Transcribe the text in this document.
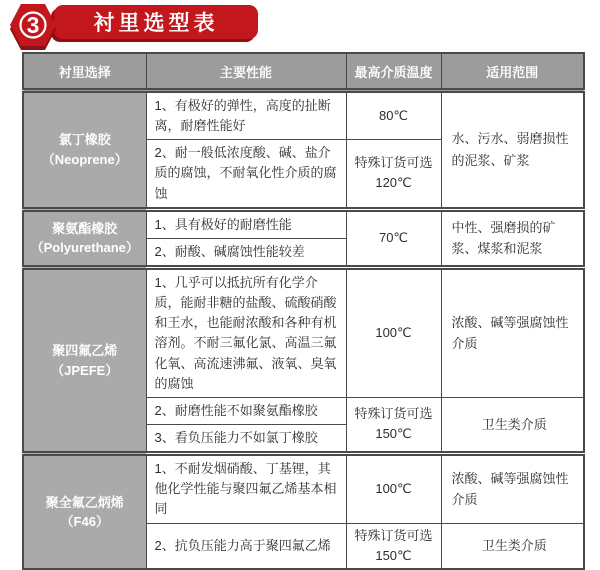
3	衬里选型表
衬里选择	主要性能	最高介质温度	适用范围

氯丁橡胶
（Neoprene）	1、有极好的弹性，高度的扯断离，耐磨性能好	80℃	水、污水、弱磨损性的泥浆、矿浆
	2、耐一般低浓度酸、碱、盐介质的腐蚀，不耐氧化性介质的腐蚀	特殊订货可选120℃	

聚氨酯橡胶
（Polyurethane）	1、具有极好的耐磨性能	70℃	中性、强磨损的矿浆、煤浆和泥浆
	2、耐酸、碱腐蚀性能较差		

聚四氟乙烯
（JPEFE）	1、几乎可以抵抗所有化学介质，能耐非糖的盐酸、硫酸硝酸和王水，也能耐浓酸和各种有机溶剂。不耐三氟化氯、高温三氟化氧、高流速沸氟、液氧、臭氧的腐蚀	100℃	浓酸、碱等强腐蚀性介质
	2、耐磨性能不如聚氨酯橡胶	特殊订货可选150℃	卫生类介质
	3、看负压能力不如氯丁橡胶		

聚全氟乙炳烯
（F46）	1、不耐发烟硝酸、丁基锂，其他化学性能与聚四氟乙烯基本相同	100℃	浓酸、碱等强腐蚀性介质
	2、抗负压能力高于聚四氟乙烯	特殊订货可选150℃	卫生类介质
